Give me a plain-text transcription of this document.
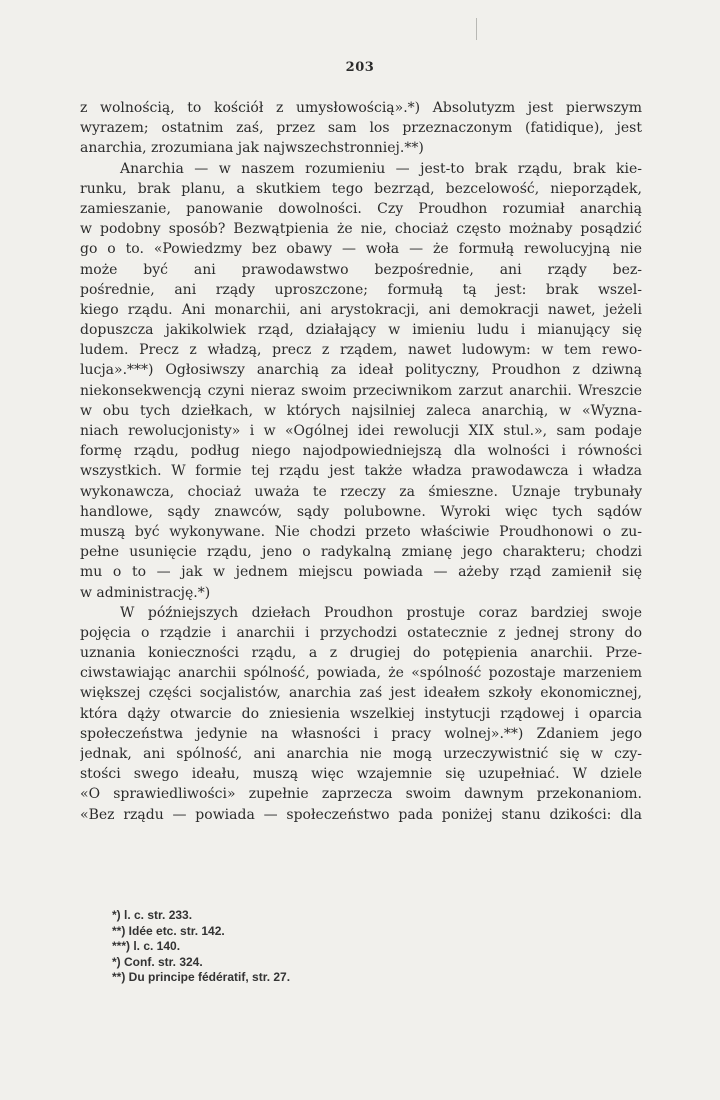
203
z wolnością, to kościół z umysłowością».*) Absolutyzm jest pierwszym
wyrazem; ostatnim zaś, przez sam los przeznaczonym (fatidique), jest
anarchia, zrozumiana jak najwszechstronniej.**)
Anarchia — w naszem rozumieniu — jest-to brak rządu, brak kie-
runku, brak planu, a skutkiem tego bezrząd, bezcelowość, nieporządek,
zamieszanie, panowanie dowolności. Czy Proudhon rozumiał anarchią
w podobny sposób? Bezwątpienia że nie, chociaż często możnaby posądzić
go o to. «Powiedzmy bez obawy — woła — że formułą rewolucyjną nie
może być ani prawodawstwo bezpośrednie, ani rządy bez-
pośrednie, ani rządy uproszczone; formułą tą jest: brak wszel-
kiego rządu. Ani monarchii, ani arystokracji, ani demokracji nawet, jeżeli
dopuszcza jakikolwiek rząd, działający w imieniu ludu i mianujący się
ludem. Precz z władzą, precz z rządem, nawet ludowym: w tem rewo-
lucja».***) Ogłosiwszy anarchią za ideał polityczny, Proudhon z dziwną
niekonsekwencją czyni nieraz swoim przeciwnikom zarzut anarchii. Wreszcie
w obu tych dziełkach, w których najsilniej zaleca anarchią, w «Wyzna-
niach rewolucjonisty» i w «Ogólnej idei rewolucji XIX stul.», sam podaje
formę rządu, podług niego najodpowiedniejszą dla wolności i równości
wszystkich. W formie tej rządu jest także władza prawodawcza i władza
wykonawcza, chociaż uważa te rzeczy za śmieszne. Uznaje trybunały
handlowe, sądy znawców, sądy polubowne. Wyroki więc tych sądów
muszą być wykonywane. Nie chodzi przeto właściwie Proudhonowi o zu-
pełne usunięcie rządu, jeno o radykalną zmianę jego charakteru; chodzi
mu o to — jak w jednem miejscu powiada — ażeby rząd zamienił się
w administrację.*)
W późniejszych dziełach Proudhon prostuje coraz bardziej swoje
pojęcia o rządzie i anarchii i przychodzi ostatecznie z jednej strony do
uznania konieczności rządu, a z drugiej do potępienia anarchii. Prze-
ciwstawiając anarchii spólność, powiada, że «spólność pozostaje marzeniem
większej części socjalistów, anarchia zaś jest ideałem szkoły ekonomicznej,
która dąży otwarcie do zniesienia wszelkiej instytucji rządowej i oparcia
społeczeństwa jedynie na własności i pracy wolnej».**) Zdaniem jego
jednak, ani spólność, ani anarchia nie mogą urzeczywistnić się w czy-
stości swego ideału, muszą więc wzajemnie się uzupełniać. W dziele
«O sprawiedliwości» zupełnie zaprzecza swoim dawnym przekonaniom.
«Bez rządu — powiada — społeczeństwo pada poniżej stanu dzikości: dla
*) l. c. str. 233.
**) Idée etc. str. 142.
***) l. c. 140.
*) Conf. str. 324.
**) Du principe fédératif, str. 27.
